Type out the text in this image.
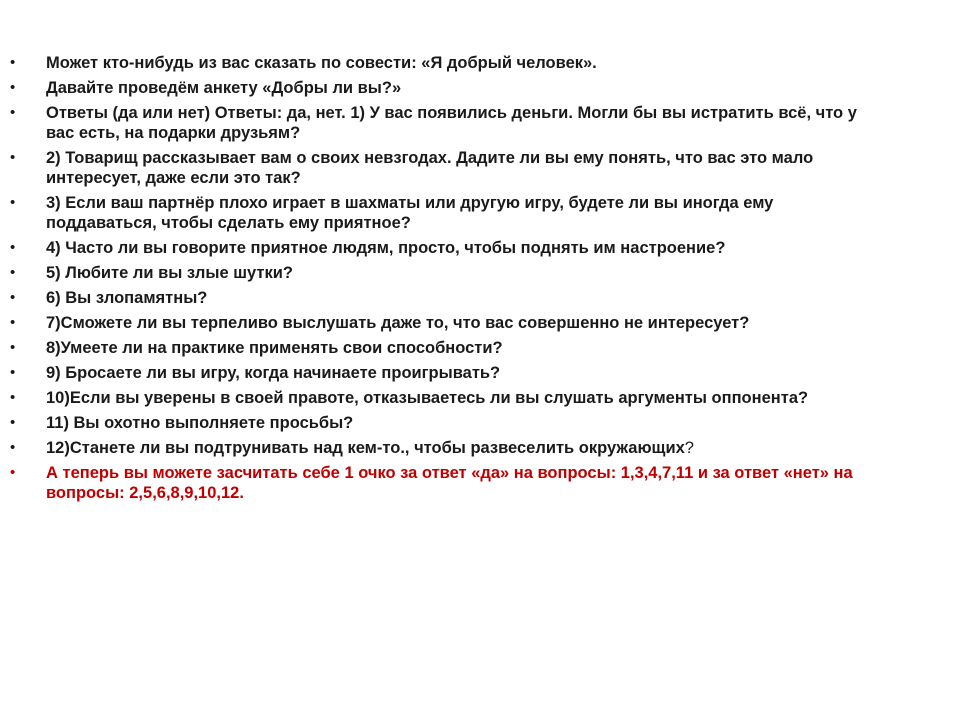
• Может кто-нибудь из вас сказать по совести: «Я добрый человек».
• Давайте проведём анкету «Добры ли вы?»
• Ответы (да или нет) Ответы: да, нет. 1) У вас появились деньги. Могли бы вы истратить всё, что у вас есть, на подарки друзьям?
• 2) Товарищ рассказывает вам о своих невзгодах. Дадите ли вы ему понять, что вас это мало интересует, даже если это так?
• 3) Если ваш партнёр плохо играет в шахматы или другую игру, будете ли вы иногда ему поддаваться, чтобы сделать ему приятное?
• 4) Часто ли вы говорите приятное людям, просто, чтобы поднять им настроение?
• 5) Любите ли вы злые шутки?
• 6) Вы злопамятны?
• 7)Сможете ли вы терпеливо выслушать даже то, что вас совершенно не интересует?
• 8)Умеете ли на практике применять свои способности?
• 9) Бросаете ли вы игру, когда начинаете проигрывать?
• 10)Если вы уверены в своей правоте, отказываетесь ли вы слушать аргументы оппонента?
• 11) Вы охотно выполняете просьбы?
• 12)Станете ли вы подтрунивать над кем-то., чтобы развеселить окружающих?
• А теперь вы можете засчитать себе 1 очко за ответ «да» на вопросы: 1,3,4,7,11 и за ответ «нет» на вопросы: 2,5,6,8,9,10,12.
